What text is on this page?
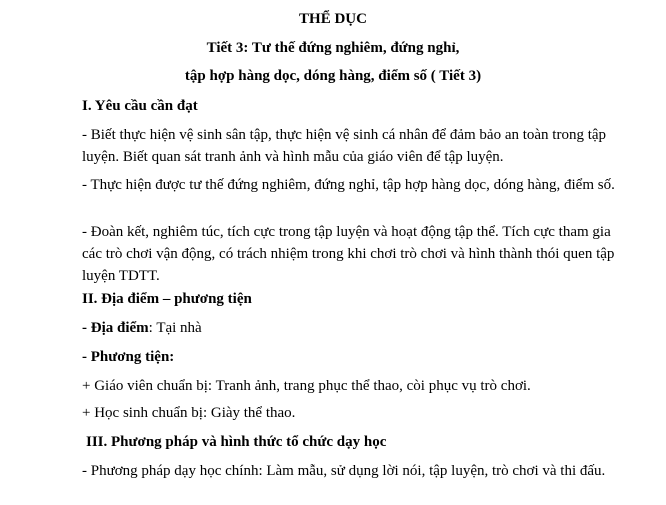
THỂ DỤC
Tiết 3: Tư thế đứng nghiêm, đứng nghỉ,
tập hợp hàng dọc, dóng hàng, điểm số ( Tiết 3)
I. Yêu cầu cần đạt
- Biết thực hiện vệ sinh sân tập, thực hiện vệ sinh cá nhân để đảm bảo an toàn trong tập luyện. Biết quan sát tranh ảnh và hình mẫu của giáo viên để tập luyện.
- Thực hiện được tư thế đứng nghiêm, đứng nghỉ, tập hợp hàng dọc, dóng hàng, điểm số.
- Đoàn kết, nghiêm túc, tích cực trong tập luyện và hoạt động tập thể. Tích cực tham gia các trò chơi vận động, có trách nhiệm trong khi chơi trò chơi và hình thành thói quen tập luyện TDTT.
II. Địa điểm – phương tiện
- Địa điểm: Tại nhà
- Phương tiện:
+ Giáo viên chuẩn bị: Tranh ảnh, trang phục thể thao, còi phục vụ trò chơi.
+ Học sinh chuẩn bị: Giày thể thao.
III. Phương pháp và hình thức tổ chức dạy học
- Phương pháp dạy học chính: Làm mẫu, sử dụng lời nói, tập luyện, trò chơi và thi đấu.
